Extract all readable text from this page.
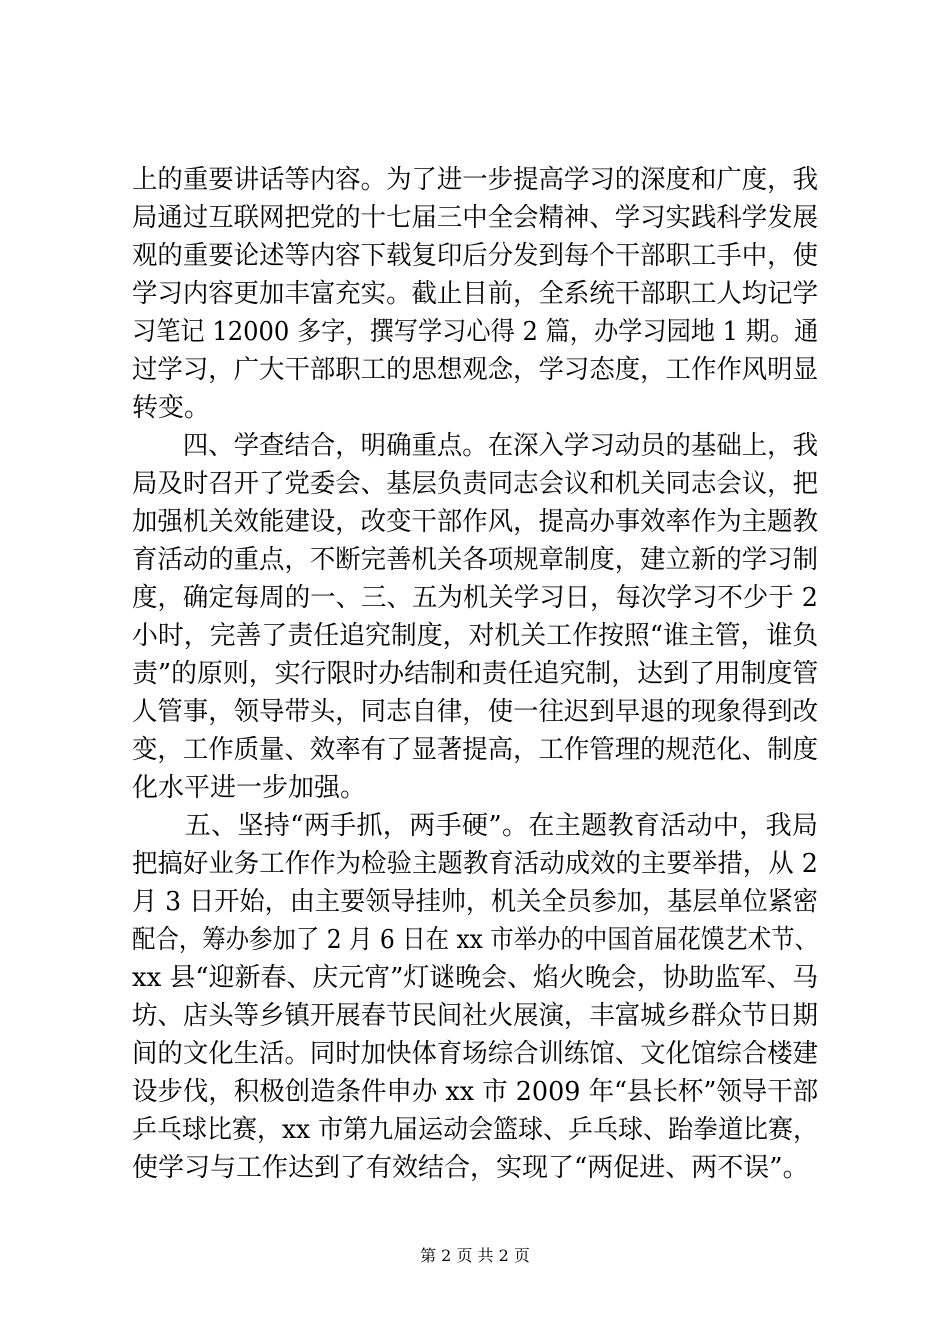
上的重要讲话等内容。为了进一步提高学习的深度和广度，我
局通过互联网把党的十七届三中全会精神、学习实践科学发展
观的重要论述等内容下载复印后分发到每个干部职工手中，使
学习内容更加丰富充实。截止目前，全系统干部职工人均记学
习笔记 12000 多字，撰写学习心得 2 篇，办学习园地 1 期。通
过学习，广大干部职工的思想观念，学习态度，工作作风明显
转变。
　　四、学查结合，明确重点。在深入学习动员的基础上，我
局及时召开了党委会、基层负责同志会议和机关同志会议，把
加强机关效能建设，改变干部作风，提高办事效率作为主题教
育活动的重点，不断完善机关各项规章制度，建立新的学习制
度，确定每周的一、三、五为机关学习日，每次学习不少于 2
小时，完善了责任追究制度，对机关工作按照“谁主管，谁负
责”的原则，实行限时办结制和责任追究制，达到了用制度管
人管事，领导带头，同志自律，使一往迟到早退的现象得到改
变，工作质量、效率有了显著提高，工作管理的规范化、制度
化水平进一步加强。
　　五、坚持“两手抓，两手硬”。在主题教育活动中，我局
把搞好业务工作作为检验主题教育活动成效的主要举措，从 2
月 3 日开始，由主要领导挂帅，机关全员参加，基层单位紧密
配合，筹办参加了 2 月 6 日在 xx 市举办的中国首届花馍艺术节、
xx 县“迎新春、庆元宵”灯谜晚会、焰火晚会，协助监军、马
坊、店头等乡镇开展春节民间社火展演，丰富城乡群众节日期
间的文化生活。同时加快体育场综合训练馆、文化馆综合楼建
设步伐，积极创造条件申办 xx 市 2009 年“县长杯”领导干部
乒乓球比赛，xx 市第九届运动会篮球、乒乓球、跆拳道比赛，
使学习与工作达到了有效结合，实现了“两促进、两不误”。
第 2 页 共 2 页
